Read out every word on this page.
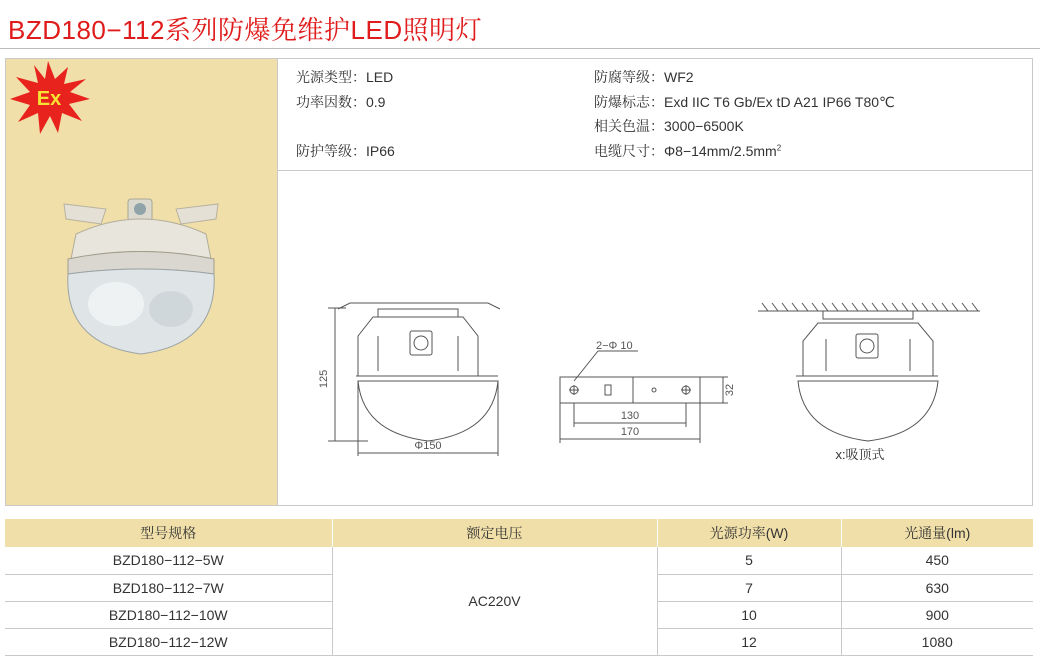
BZD180−112系列防爆免维护LED照明灯
Ex
光源类型：LED
功率因数：0.9
防护等级：IP66
防腐等级：WF2
防爆标志：Exd IIC T6 Gb/Ex tD A21 IP66 T80℃
相关色温：3000−6500K
电缆尺寸：$\Phi 8-14mm/2.5mm^2$
125
Φ150
2−Φ 10
32
130
170
x:吸顶式
型号规格	额定电压	光源功率(W)	光通量(lm)
BZD180−112−5W	AC220V	5	450
BZD180−112−7W		7	630
BZD180−112−10W		10	900
BZD180−112−12W		12	1080
